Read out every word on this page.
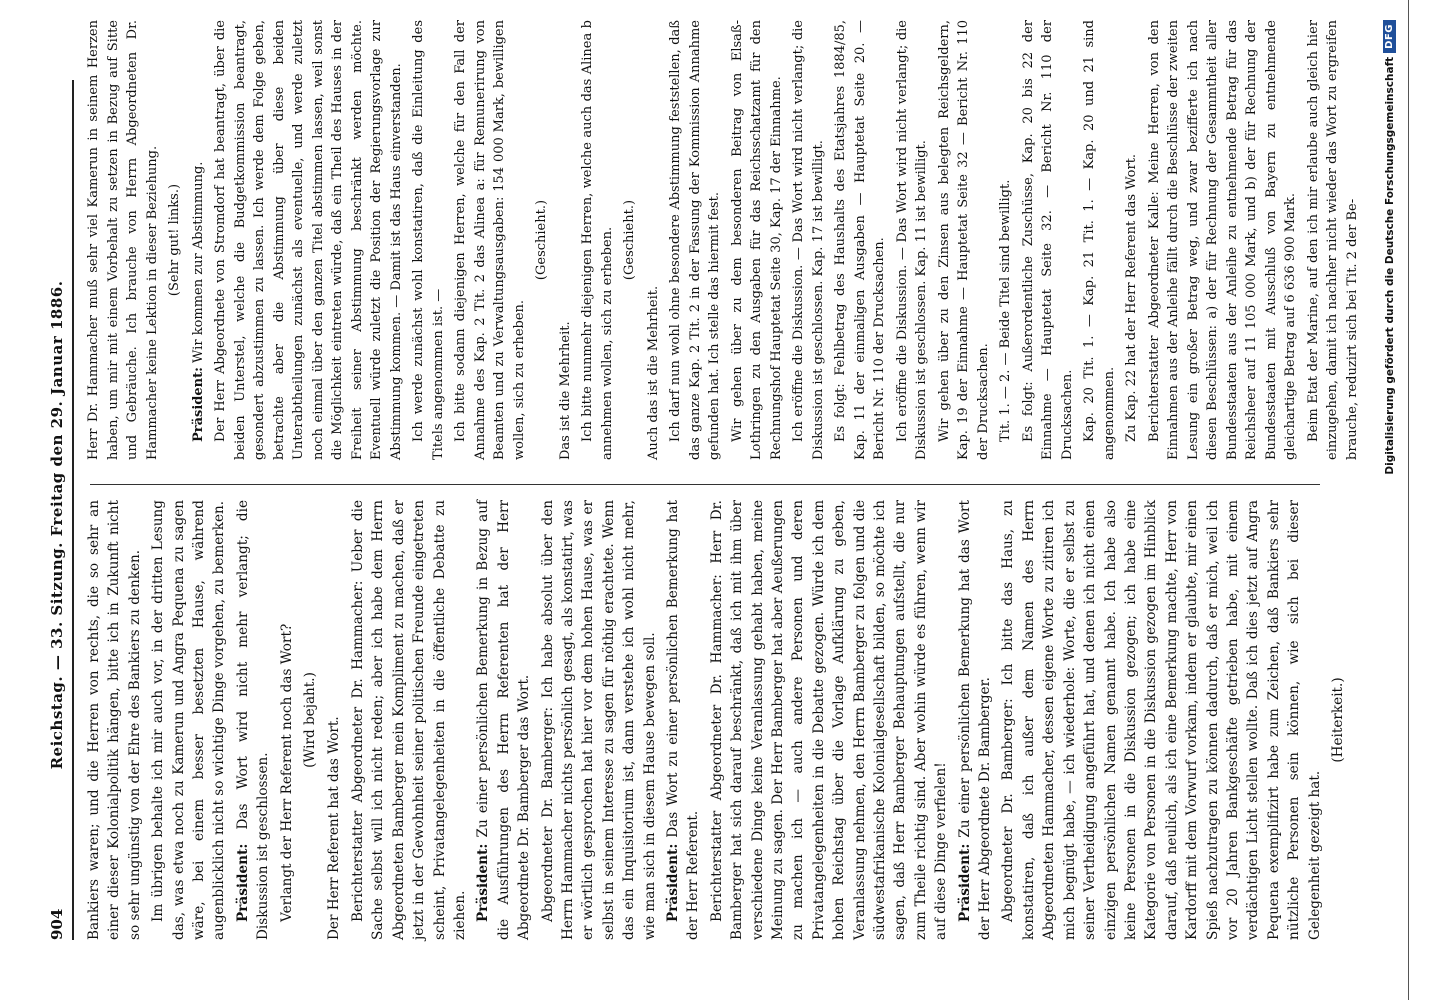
904
Reichstag. — 33. Sitzung. Freitag den 29. Januar 1886. Bankiers waren; und die Herren von rechts, die so sehr an einer dieser Kolonialpolitik hängen, bitte ich in Zukunft nicht so sehr ungünstig von der Ehre des Bankiers zu denken. Im übrigen behalte ich mir auch vor, in der dritten Lesung das, was etwa noch zu Kamerun und Angra Pequena zu sagen wäre, bei einem besser besetzten Hause, während augenblicklich nicht so wichtige Dinge vorgehen, zu bemerken. Präsident: Das Wort wird nicht mehr verlangt; die Diskussion ist geschlossen. Verlangt der Herr Referent noch das Wort? (Wird bejaht.) Der Herr Referent hat das Wort. Berichterstatter Abgeordneter Dr. Hammacher: Ueber die Sache selbst will ich nicht reden; aber ich habe dem Herrn Abgeordneten Bamberger mein Kompliment zu machen, daß er jetzt in der Gewohnheit seiner politischen Freunde eingetreten scheint, Privatangelegenheiten in die öffentliche Debatte zu ziehen. Präsident: Zu einer persönlichen Bemerkung in Bezug auf die Ausführungen des Herrn Referenten hat der Herr Abgeordnete Dr. Bamberger das Wort. Abgeordneter Dr. Bamberger: Ich habe absolut über den Herrn Hammacher nichts persönlich gesagt, als konstatirt, was er wörtlich gesprochen hat hier vor dem hohen Hause, was er selbst in seinem Interesse zu sagen für nöthig erachtete. Wenn das ein Inquisitorium ist, dann verstehe ich wohl nicht mehr, wie man sich in diesem Hause bewegen soll. Präsident: Das Wort zu einer persönlichen Bemerkung hat der Herr Referent. Berichterstatter Abgeordneter Dr. Hammacher: Herr Dr. Bamberger hat sich darauf beschränkt, daß ich mit ihm über verschiedene Dinge keine Veranlassung gehabt haben, meine Meinung zu sagen. Der Herr Bamberger hat aber Aeußerungen zu machen ich — auch andere Personen und deren Privatangelegenheiten in die Debatte gezogen. Würde ich dem hohen Reichstag über die Vorlage Aufklärung zu geben, Veranlassung nehmen, den Herrn Bamberger zu folgen und die südwestafrikanische Kolonialgesellschaft bilden, so möchte ich sagen, daß Herr Bamberger Behauptungen aufstellt, die nur zum Theile richtig sind. Aber wohin würde es führen, wenn wir auf diese Dinge verfielen! Präsident: Zu einer persönlichen Bemerkung hat das Wort der Herr Abgeordnete Dr. Bamberger. Abgeordneter Dr. Bamberger: Ich bitte das Haus, zu konstatiren, daß ich außer dem Namen des Herrn Abgeordneten Hammacher, dessen eigene Worte zu zitiren ich mich begnügt habe, — ich wiederhole: Worte, die er selbst zu seiner Vertheidigung angeführt hat, und denen ich nicht einen einzigen persönlichen Namen genannt habe. Ich habe also keine Personen in die Diskussion gezogen; ich habe eine Kategorie von Personen in die Diskussion gezogen im Hinblick darauf, daß neulich, als ich eine Bemerkung machte, Herr von Kardorff mit dem Vorwurf vorkam, indem er glaubte, mir einen Spieß nachzutragen zu können dadurch, daß er mich, weil ich vor 20 Jahren Bankgeschäfte getrieben habe, mit einem verdächtigen Licht stellen wollte. Daß ich dies jetzt auf Angra Pequena exemplifizirt habe zum Zeichen, daß Bankiers sehr nützliche Personen sein können, wie sich bei dieser Gelegenheit gezeigt hat.
(Heiterkeit.)
Herr Dr. Hammacher muß sehr viel Kamerun in seinem Herzen haben, um mir mit einem Vorbehalt zu setzen in Bezug auf Sitte und Gebräuche. Ich brauche von Herrn Abgeordneten Dr. Hammacher keine Lektion in dieser Beziehung. (Sehr gut! links.)
Präsident: Wir kommen zur Abstimmung. Der Herr Abgeordnete von Stromdorf hat beantragt, über die beiden Unterstel, welche die Budgetkommission beantragt, gesondert abzustimmen zu lassen. Ich werde dem Folge geben, betrachte aber die Abstimmung über diese beiden Unterabtheilungen zunächst als eventuelle, und werde zuletzt noch einmal über den ganzen Titel abstimmen lassen, weil sonst die Möglichkeit eintreten würde, daß ein Theil des Hauses in der Freiheit seiner Abstimmung beschränkt werden möchte. Eventuell würde zuletzt die Position der Regierungsvorlage zur Abstimmung kommen. — Damit ist das Haus einverstanden. Ich werde zunächst wohl konstatiren, daß die Einleitung des Titels angenommen ist. — Ich bitte sodann diejenigen Herren, welche für den Fall der Annahme des Kap. 2 Tit. 2 das Alinea a: für Remunerirung von Beamten und zu Verwaltungsausgaben: 154 000 Mark, bewilligen wollen, sich zu erheben.
(Geschieht.)
Das ist die Mehrheit. Ich bitte nunmehr diejenigen Herren, welche auch das Alinea b annehmen wollen, sich zu erheben. (Geschieht.)
Auch das ist die Mehrheit. Ich darf nun wohl ohne besondere Abstimmung feststellen, daß das ganze Kap. 2 Tit. 2 in der Fassung der Kommission Annahme gefunden hat. Ich stelle das hiermit fest. Wir gehen über zu dem besonderen Beitrag von Elsaß-Lothringen zu den Ausgaben für das Reichsschatzamt für den Rechnungshof Hauptetat Seite 30, Kap. 17 der Einnahme. Ich eröffne die Diskussion. — Das Wort wird nicht verlangt; die Diskussion ist geschlossen. Kap. 17 ist bewilligt. Es folgt: Fehlbetrag des Haushalts des Etatsjahres 1884/85, Kap. 11 der einmaligen Ausgaben — Hauptetat Seite 20. — Bericht Nr. 110 der Drucksachen. Ich eröffne die Diskussion. — Das Wort wird nicht verlangt; die Diskussion ist geschlossen. Kap. 11 ist bewilligt. Wir gehen über zu den Zinsen aus belegten Reichsgeldern, Kap. 19 der Einnahme — Hauptetat Seite 32 — Bericht Nr. 110 der Drucksachen. Tit. 1. — 2. — Beide Titel sind bewilligt. Es folgt: Außerordentliche Zuschüsse, Kap. 20 bis 22 der Einnahme — Hauptetat Seite 32. — Bericht Nr. 110 der Drucksachen. Kap. 20 Tit. 1. — Kap. 21 Tit. 1. — Kap. 20 und 21 sind angenommen. Zu Kap. 22 hat der Herr Referent das Wort. Berichterstatter Abgeordneter Kalle: Meine Herren, von den Einnahmen aus der Anleihe fällt durch die Beschlüsse der zweiten Lesung ein großer Betrag weg, und zwar bezifferte ich nach diesen Beschlüssen: a) der für Rechnung der Gesammtheit aller Bundesstaaten aus der Anleihe zu entnehmende Betrag für das Reichsheer auf 11 105 000 Mark, und b) der für Rechnung der Bundesstaaten mit Ausschluß von Bayern zu entnehmende gleichartige Betrag auf 6 636 900 Mark. Beim Etat der Marine, auf den ich mir erlaube auch gleich hier einzugehen, damit ich nachher nicht wieder das Wort zu ergreifen brauche, reduzirt sich bei Tit. 2 der Be- Digitalisierung gefördert durch die Deutsche Forschungsgemeinschaft
DFG
